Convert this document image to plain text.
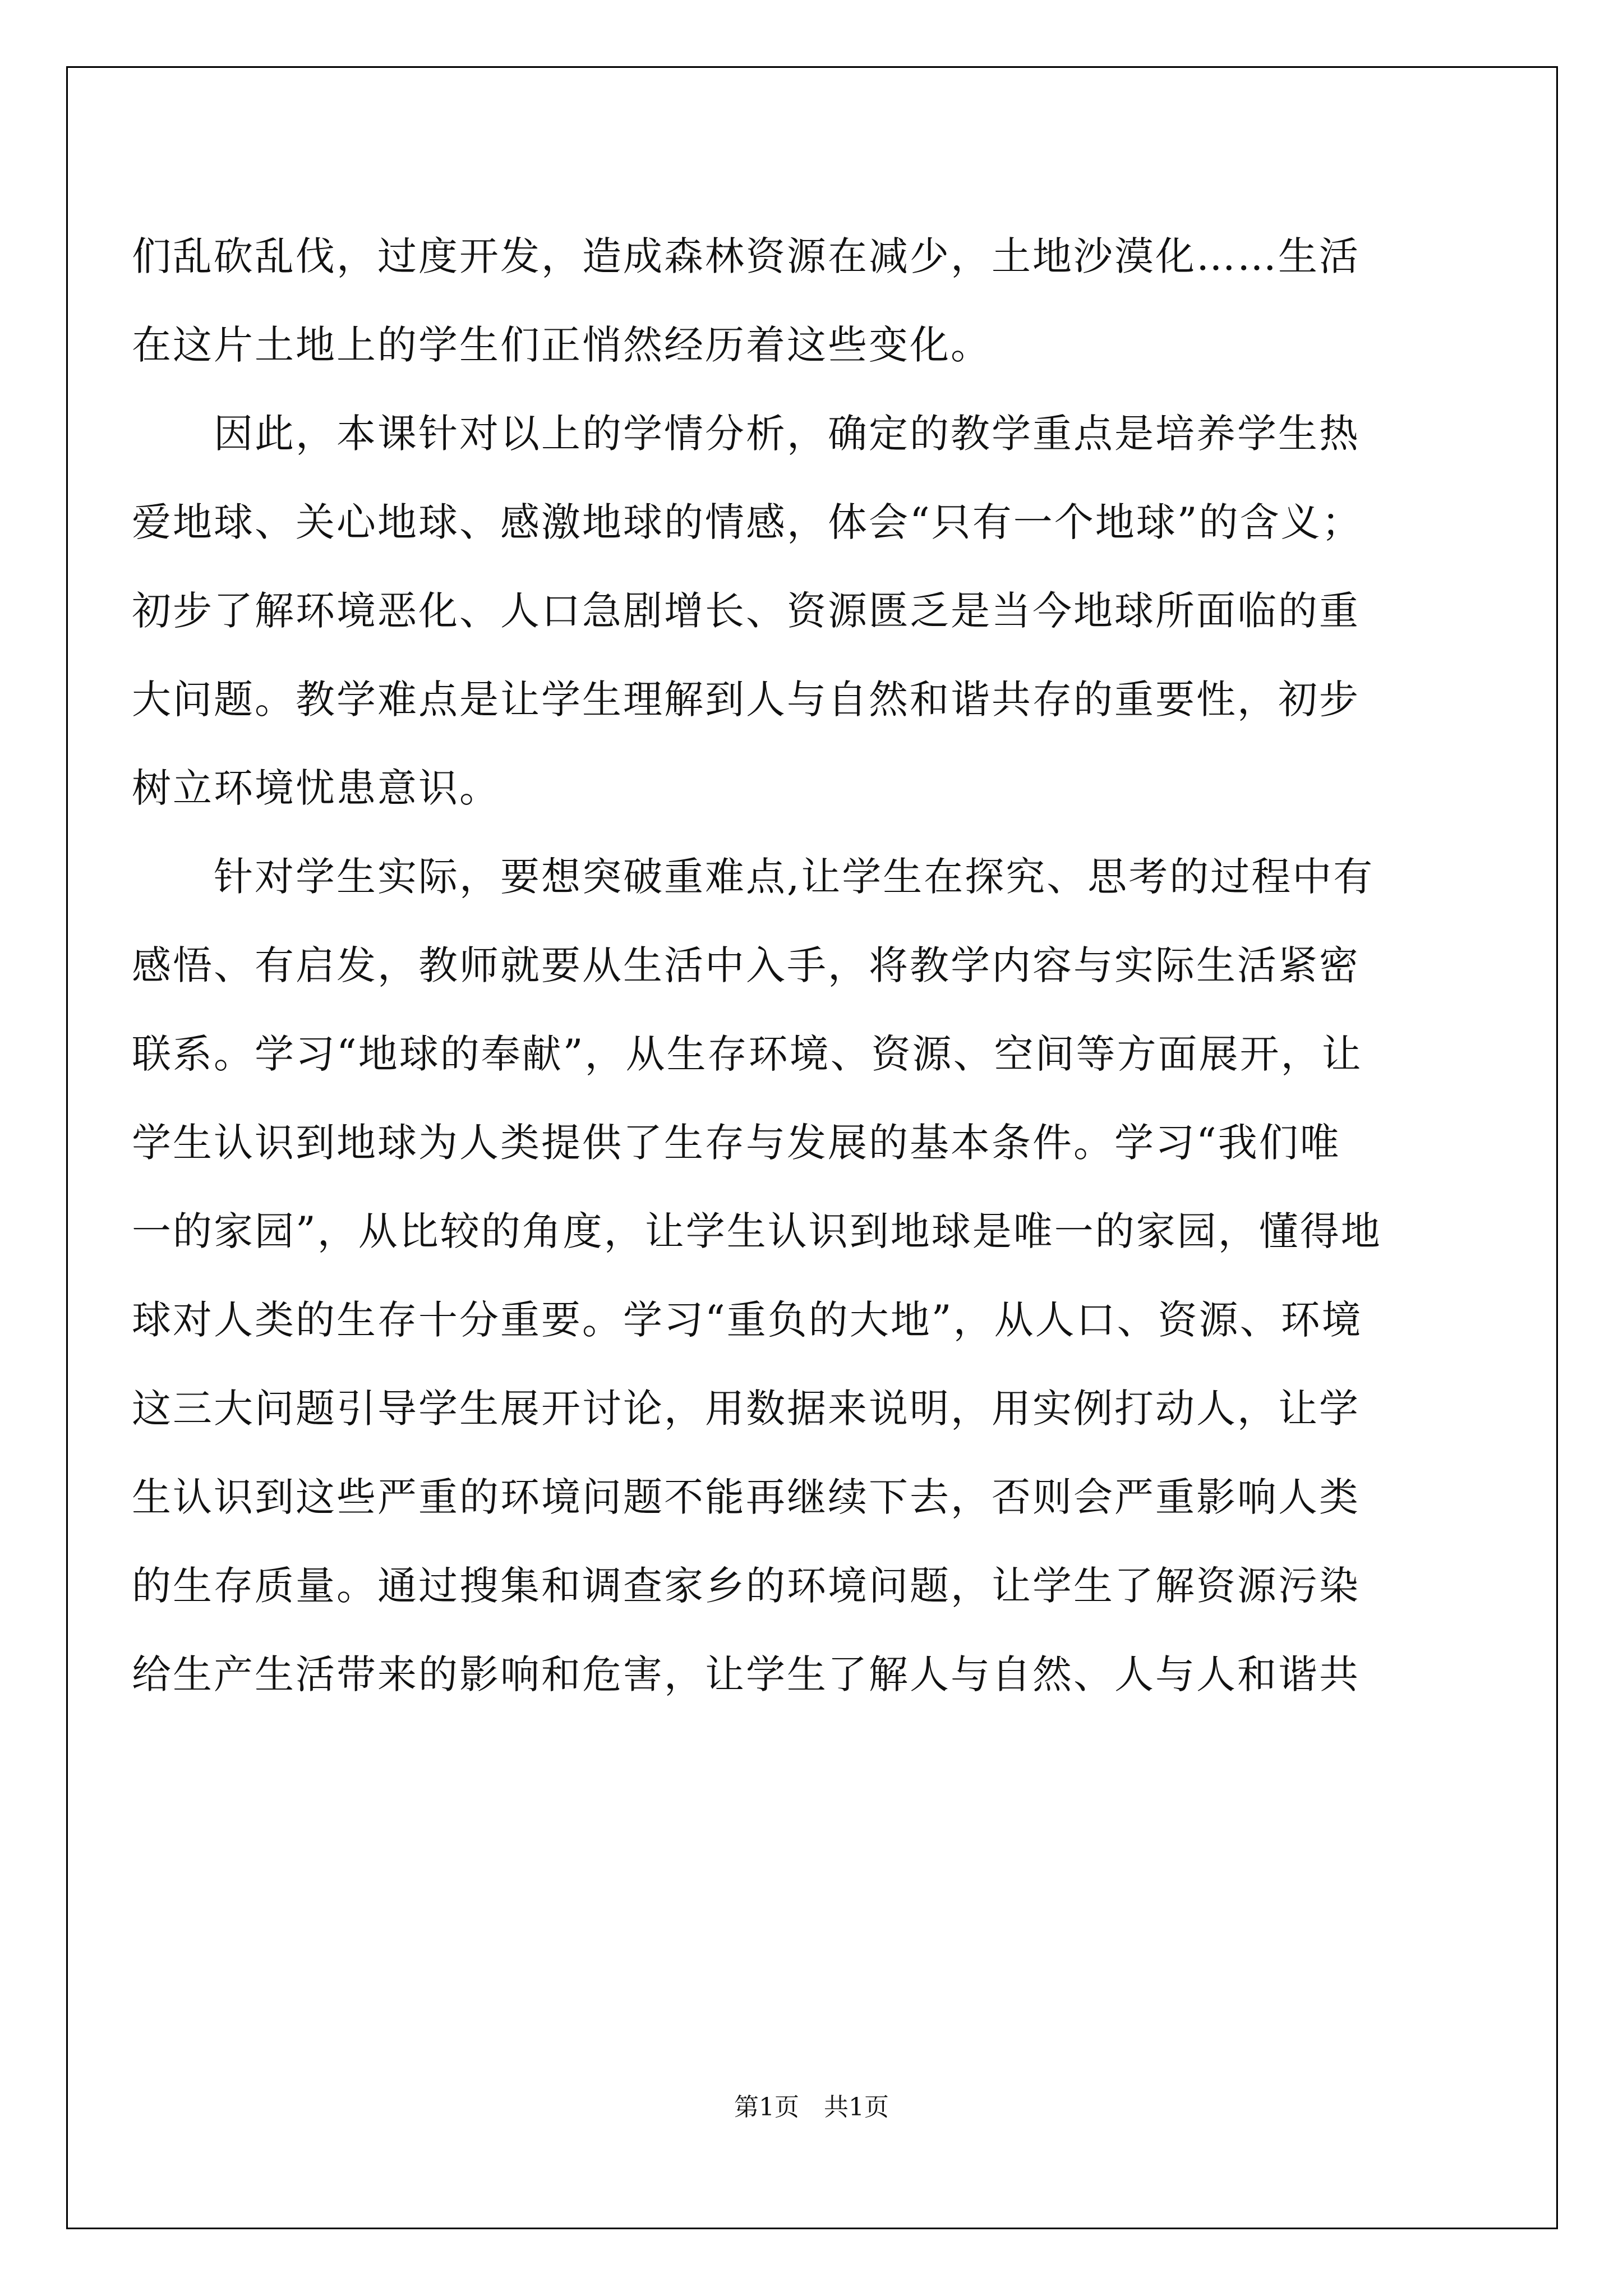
们乱砍乱伐，过度开发，造成森林资源在减少，土地沙漠化……生活
在这片土地上的学生们正悄然经历着这些变化。
　　因此，本课针对以上的学情分析，确定的教学重点是培养学生热
爱地球、关心地球、感激地球的情感，体会“只有一个地球”的含义；
初步了解环境恶化、人口急剧增长、资源匮乏是当今地球所面临的重
大问题。教学难点是让学生理解到人与自然和谐共存的重要性，初步
树立环境忧患意识。
　　针对学生实际，要想突破重难点,让学生在探究、思考的过程中有
感悟、有启发，教师就要从生活中入手，将教学内容与实际生活紧密
联系。学习“地球的奉献”，从生存环境、资源、空间等方面展开，让
学生认识到地球为人类提供了生存与发展的基本条件。学习“我们唯
一的家园”，从比较的角度，让学生认识到地球是唯一的家园，懂得地
球对人类的生存十分重要。学习“重负的大地”，从人口、资源、环境
这三大问题引导学生展开讨论，用数据来说明，用实例打动人，让学
生认识到这些严重的环境问题不能再继续下去，否则会严重影响人类
的生存质量。通过搜集和调查家乡的环境问题，让学生了解资源污染
给生产生活带来的影响和危害，让学生了解人与自然、人与人和谐共
第1页　共1页
